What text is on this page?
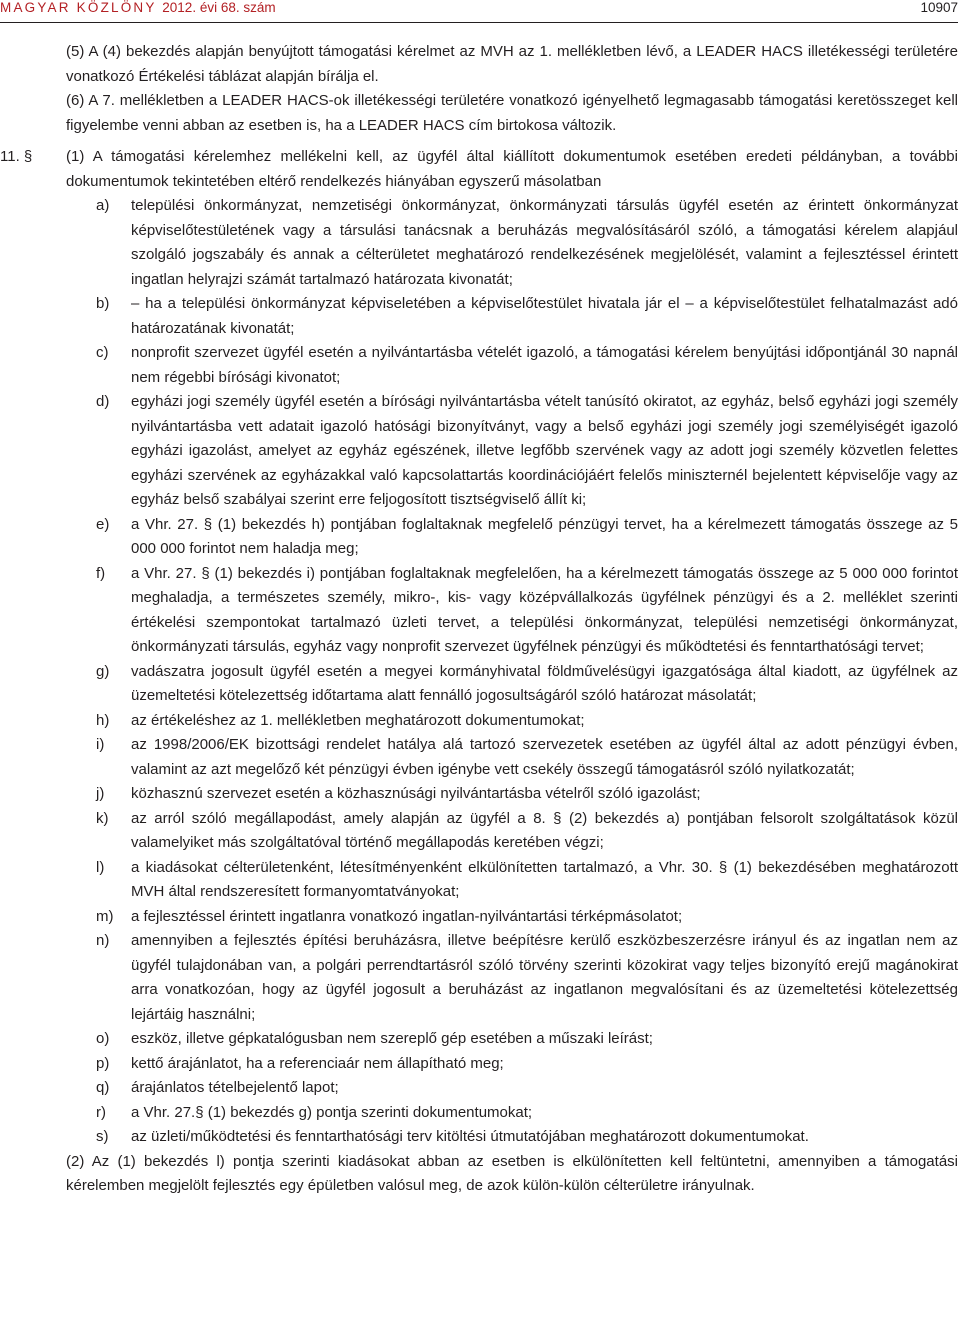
MAGYAR KÖZLÖNY 2012. évi 68. szám	10907
(5) A (4) bekezdés alapján benyújtott támogatási kérelmet az MVH az 1. mellékletben lévő, a LEADER HACS illetékességi területére vonatkozó Értékelési táblázat alapján bírálja el.
(6) A 7. mellékletben a LEADER HACS-ok illetékességi területére vonatkozó igényelhető legmagasabb támogatási keretösszeget kell figyelembe venni abban az esetben is, ha a LEADER HACS cím birtokosa változik.
11. §	(1) A támogatási kérelemhez mellékelni kell, az ügyfél által kiállított dokumentumok esetében eredeti példányban, a további dokumentumok tekintetében eltérő rendelkezés hiányában egyszerű másolatban
a)	települési önkormányzat, nemzetiségi önkormányzat, önkormányzati társulás ügyfél esetén az érintett önkormányzat képviselőtestületének vagy a társulási tanácsnak a beruházás megvalósításáról szóló, a támogatási kérelem alapjául szolgáló jogszabály és annak a célterületet meghatározó rendelkezésének megjelölését, valamint a fejlesztéssel érintett ingatlan helyrajzi számát tartalmazó határozata kivonatát;
b)	– ha a települési önkormányzat képviseletében a képviselőtestület hivatala jár el – a képviselőtestület felhatalmazást adó határozatának kivonatát;
c)	nonprofit szervezet ügyfél esetén a nyilvántartásba vételét igazoló, a támogatási kérelem benyújtási időpontjánál 30 napnál nem régebbi bírósági kivonatot;
d)	egyházi jogi személy ügyfél esetén a bírósági nyilvántartásba vételt tanúsító okiratot, az egyház, belső egyházi jogi személy nyilvántartásba vett adatait igazoló hatósági bizonyítványt, vagy a belső egyházi jogi személy jogi személyiségét igazoló egyházi igazolást, amelyet az egyház egészének, illetve legfőbb szervének vagy az adott jogi személy közvetlen felettes egyházi szervének az egyházakkal való kapcsolattartás koordinációjáért felelős miniszternél bejelentett képviselője vagy az egyház belső szabályai szerint erre feljogosított tisztségviselő állít ki;
e)	a Vhr. 27. § (1) bekezdés h) pontjában foglaltaknak megfelelő pénzügyi tervet, ha a kérelmezett támogatás összege az 5 000 000 forintot nem haladja meg;
f)	a Vhr. 27. § (1) bekezdés i) pontjában foglaltaknak megfelelően, ha a kérelmezett támogatás összege az 5 000 000 forintot meghaladja, a természetes személy, mikro-, kis- vagy középvállalkozás ügyfélnek pénzügyi és a 2. melléklet szerinti értékelési szempontokat tartalmazó üzleti tervet, a települési önkormányzat, települési nemzetiségi önkormányzat, önkormányzati társulás, egyház vagy nonprofit szervezet ügyfélnek pénzügyi és működtetési és fenntarthatósági tervet;
g)	vadászatra jogosult ügyfél esetén a megyei kormányhivatal földművelésügyi igazgatósága által kiadott, az ügyfélnek az üzemeltetési kötelezettség időtartama alatt fennálló jogosultságáról szóló határozat másolatát;
h)	az értékeléshez az 1. mellékletben meghatározott dokumentumokat;
i)	az 1998/2006/EK bizottsági rendelet hatálya alá tartozó szervezetek esetében az ügyfél által az adott pénzügyi évben, valamint az azt megelőző két pénzügyi évben igénybe vett csekély összegű támogatásról szóló nyilatkozatát;
j)	közhasznú szervezet esetén a közhasznúsági nyilvántartásba vételről szóló igazolást;
k)	az arról szóló megállapodást, amely alapján az ügyfél a 8. § (2) bekezdés a) pontjában felsorolt szolgáltatások közül valamelyiket más szolgáltatóval történő megállapodás keretében végzi;
l)	a kiadásokat célterületenként, létesítményenként elkülönítetten tartalmazó, a Vhr. 30. § (1) bekezdésében meghatározott MVH által rendszeresített formanyomtatványokat;
m)	a fejlesztéssel érintett ingatlanra vonatkozó ingatlan-nyilvántartási térképmásolatot;
n)	amennyiben a fejlesztés építési beruházásra, illetve beépítésre kerülő eszközbeszerzésre irányul és az ingatlan nem az ügyfél tulajdonában van, a polgári perrendtartásról szóló törvény szerinti közokirat vagy teljes bizonyító erejű magánokirat arra vonatkozóan, hogy az ügyfél jogosult a beruházást az ingatlanon megvalósítani és az üzemeltetési kötelezettség lejártáig használni;
o)	eszköz, illetve gépkatalógusban nem szereplő gép esetében a műszaki leírást;
p)	kettő árajánlatot, ha a referenciaár nem állapítható meg;
q)	árajánlatos tételbejelentő lapot;
r)	a Vhr. 27.§ (1) bekezdés g) pontja szerinti dokumentumokat;
s)	az üzleti/működtetési és fenntarthatósági terv kitöltési útmutatójában meghatározott dokumentumokat.
(2) Az (1) bekezdés l) pontja szerinti kiadásokat abban az esetben is elkülönítetten kell feltüntetni, amennyiben a támogatási kérelemben megjelölt fejlesztés egy épületben valósul meg, de azok külön-külön célterületre irányulnak.
